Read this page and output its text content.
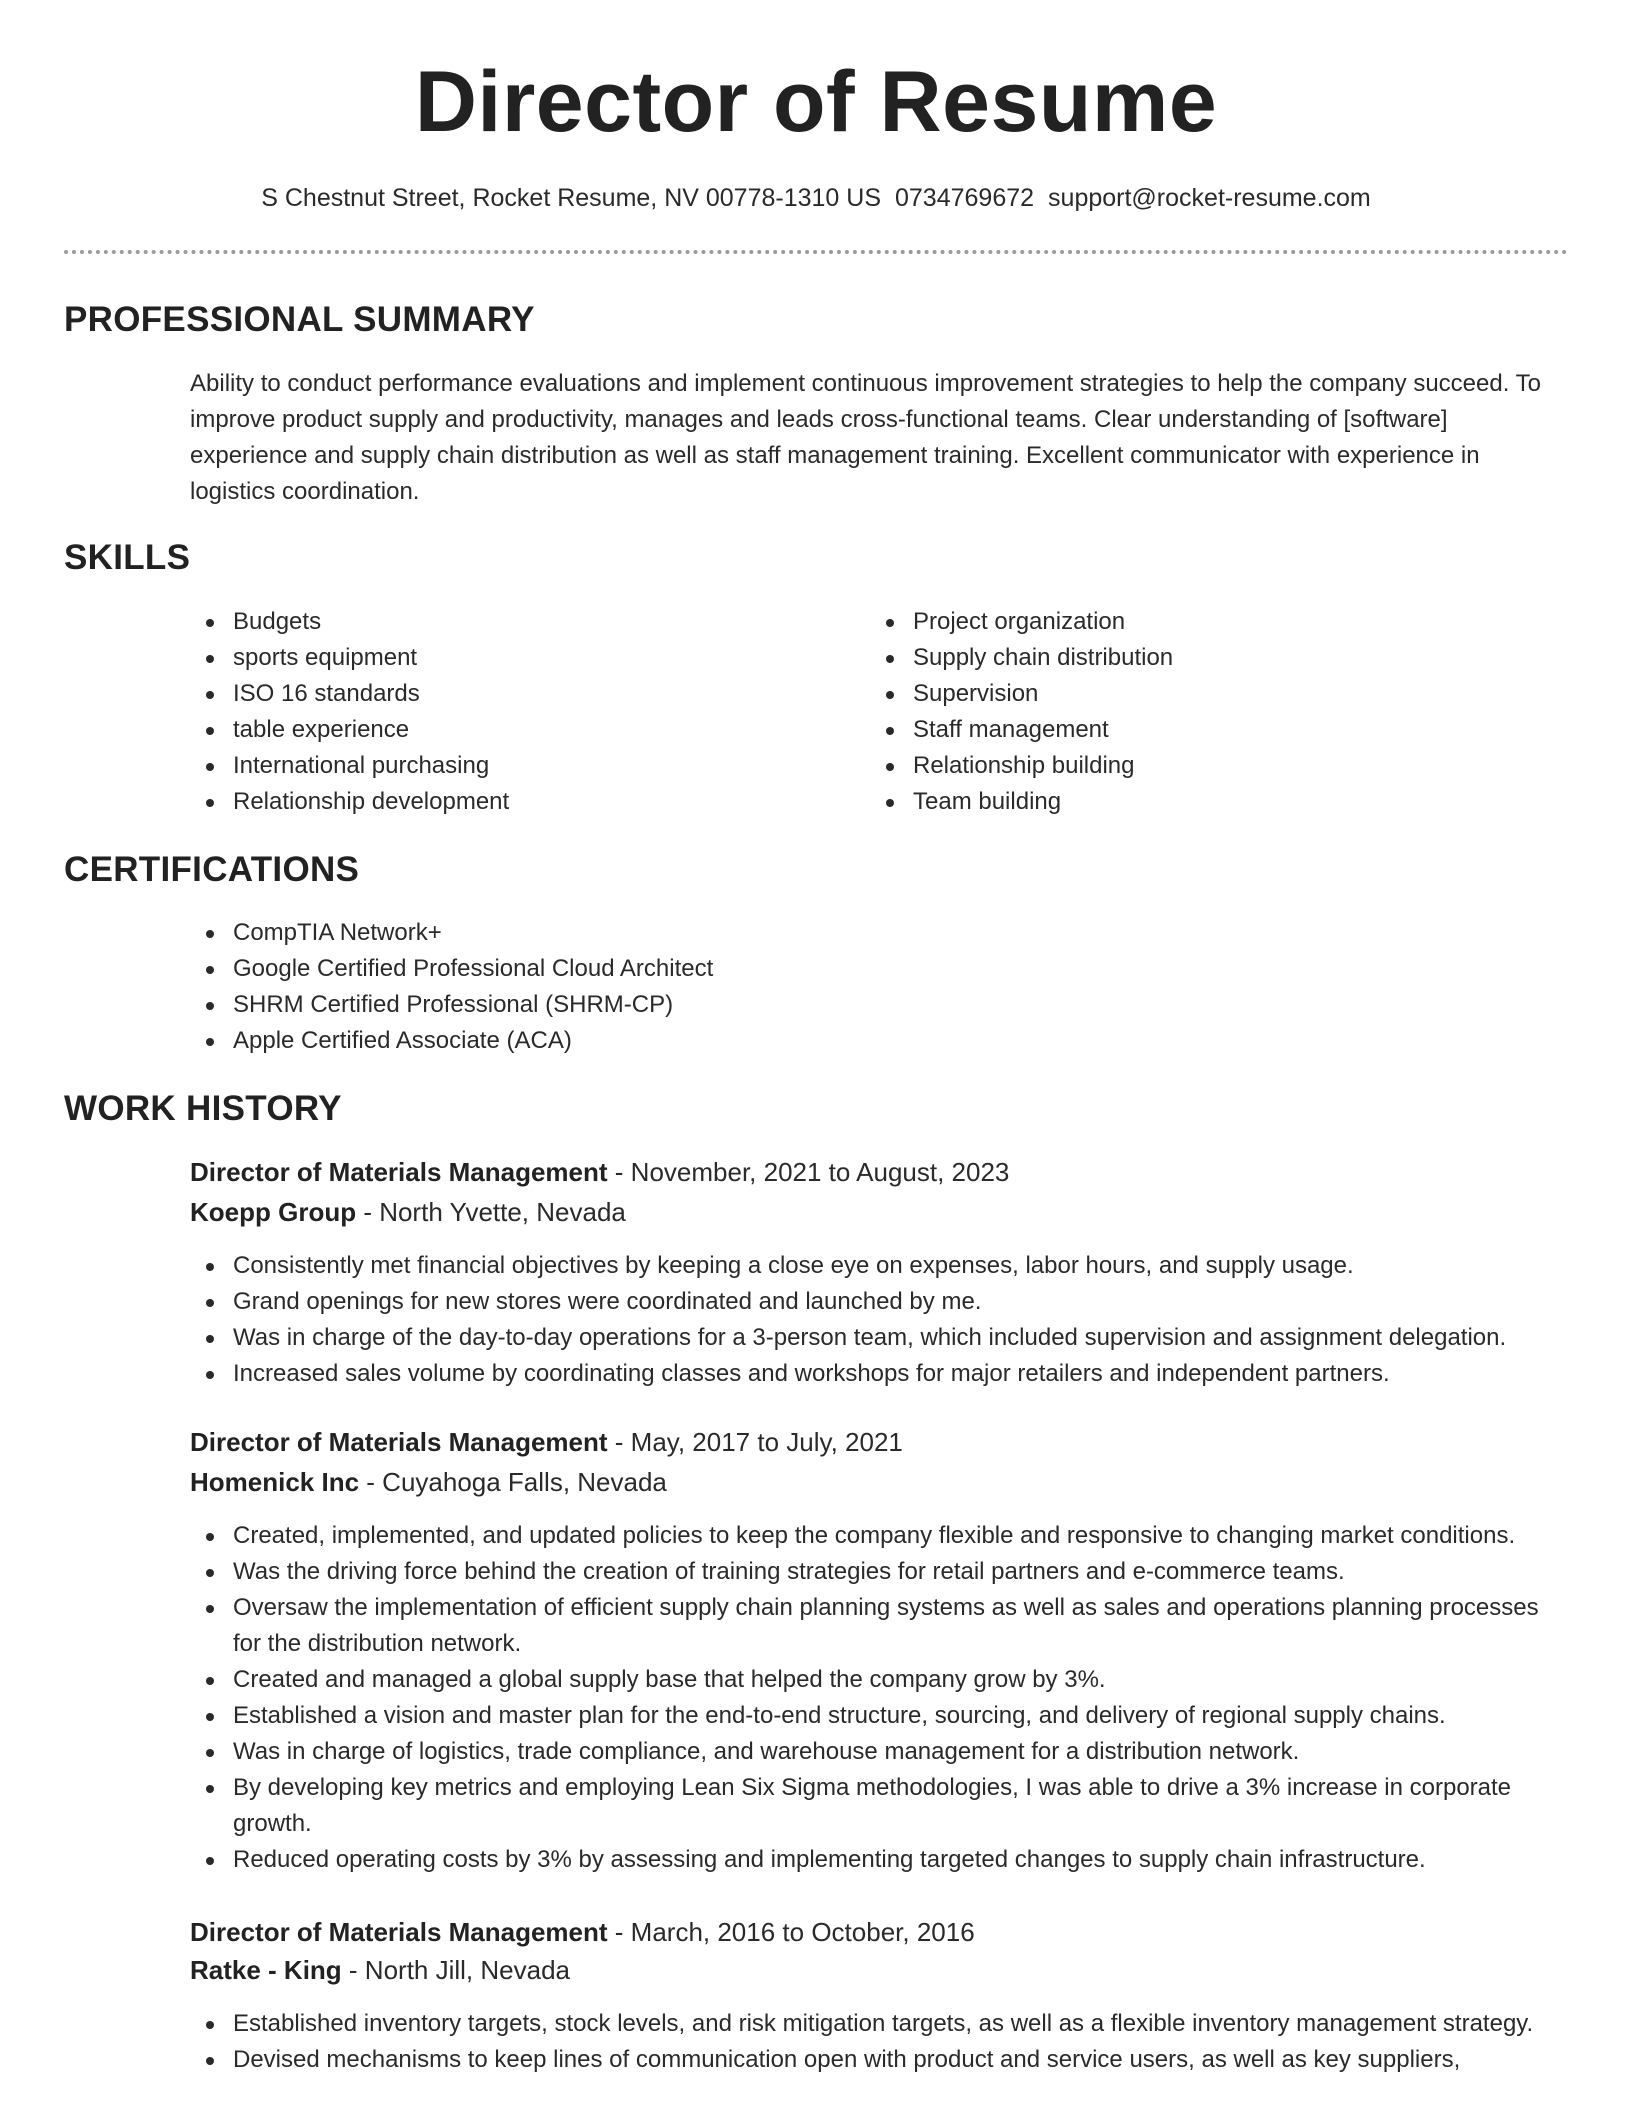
Director of Resume
S Chestnut Street, Rocket Resume, NV 00778-1310 US 0734769672 support@rocket-resume.com
PROFESSIONAL SUMMARY

Ability to conduct performance evaluations and implement continuous improvement strategies to help the company succeed. To improve product supply and productivity, manages and leads cross-functional teams. Clear understanding of [software] experience and supply chain distribution as well as staff management training. Excellent communicator with experience in logistics coordination.

SKILLS
Budgets
sports equipment
ISO 16 standards
table experience
International purchasing
Relationship development
Project organization
Supply chain distribution
Supervision
Staff management
Relationship building
Team building
CERTIFICATIONS
CompTIA Network+
Google Certified Professional Cloud Architect
SHRM Certified Professional (SHRM-CP)
Apple Certified Associate (ACA)
WORK HISTORY
Director of Materials Management - November, 2021 to August, 2023
Koepp Group - North Yvette, Nevada
Consistently met financial objectives by keeping a close eye on expenses, labor hours, and supply usage.
Grand openings for new stores were coordinated and launched by me.
Was in charge of the day-to-day operations for a 3-person team, which included supervision and assignment delegation.
Increased sales volume by coordinating classes and workshops for major retailers and independent partners.
Director of Materials Management - May, 2017 to July, 2021
Homenick Inc - Cuyahoga Falls, Nevada
Created, implemented, and updated policies to keep the company flexible and responsive to changing market conditions.
Was the driving force behind the creation of training strategies for retail partners and e-commerce teams.
Oversaw the implementation of efficient supply chain planning systems as well as sales and operations planning processes for the distribution network.
Created and managed a global supply base that helped the company grow by 3%.
Established a vision and master plan for the end-to-end structure, sourcing, and delivery of regional supply chains.
Was in charge of logistics, trade compliance, and warehouse management for a distribution network.
By developing key metrics and employing Lean Six Sigma methodologies, I was able to drive a 3% increase in corporate growth.
Reduced operating costs by 3% by assessing and implementing targeted changes to supply chain infrastructure.
Director of Materials Management - March, 2016 to October, 2016
Ratke - King - North Jill, Nevada
Established inventory targets, stock levels, and risk mitigation targets, as well as a flexible inventory management strategy.
Devised mechanisms to keep lines of communication open with product and service users, as well as key suppliers,
